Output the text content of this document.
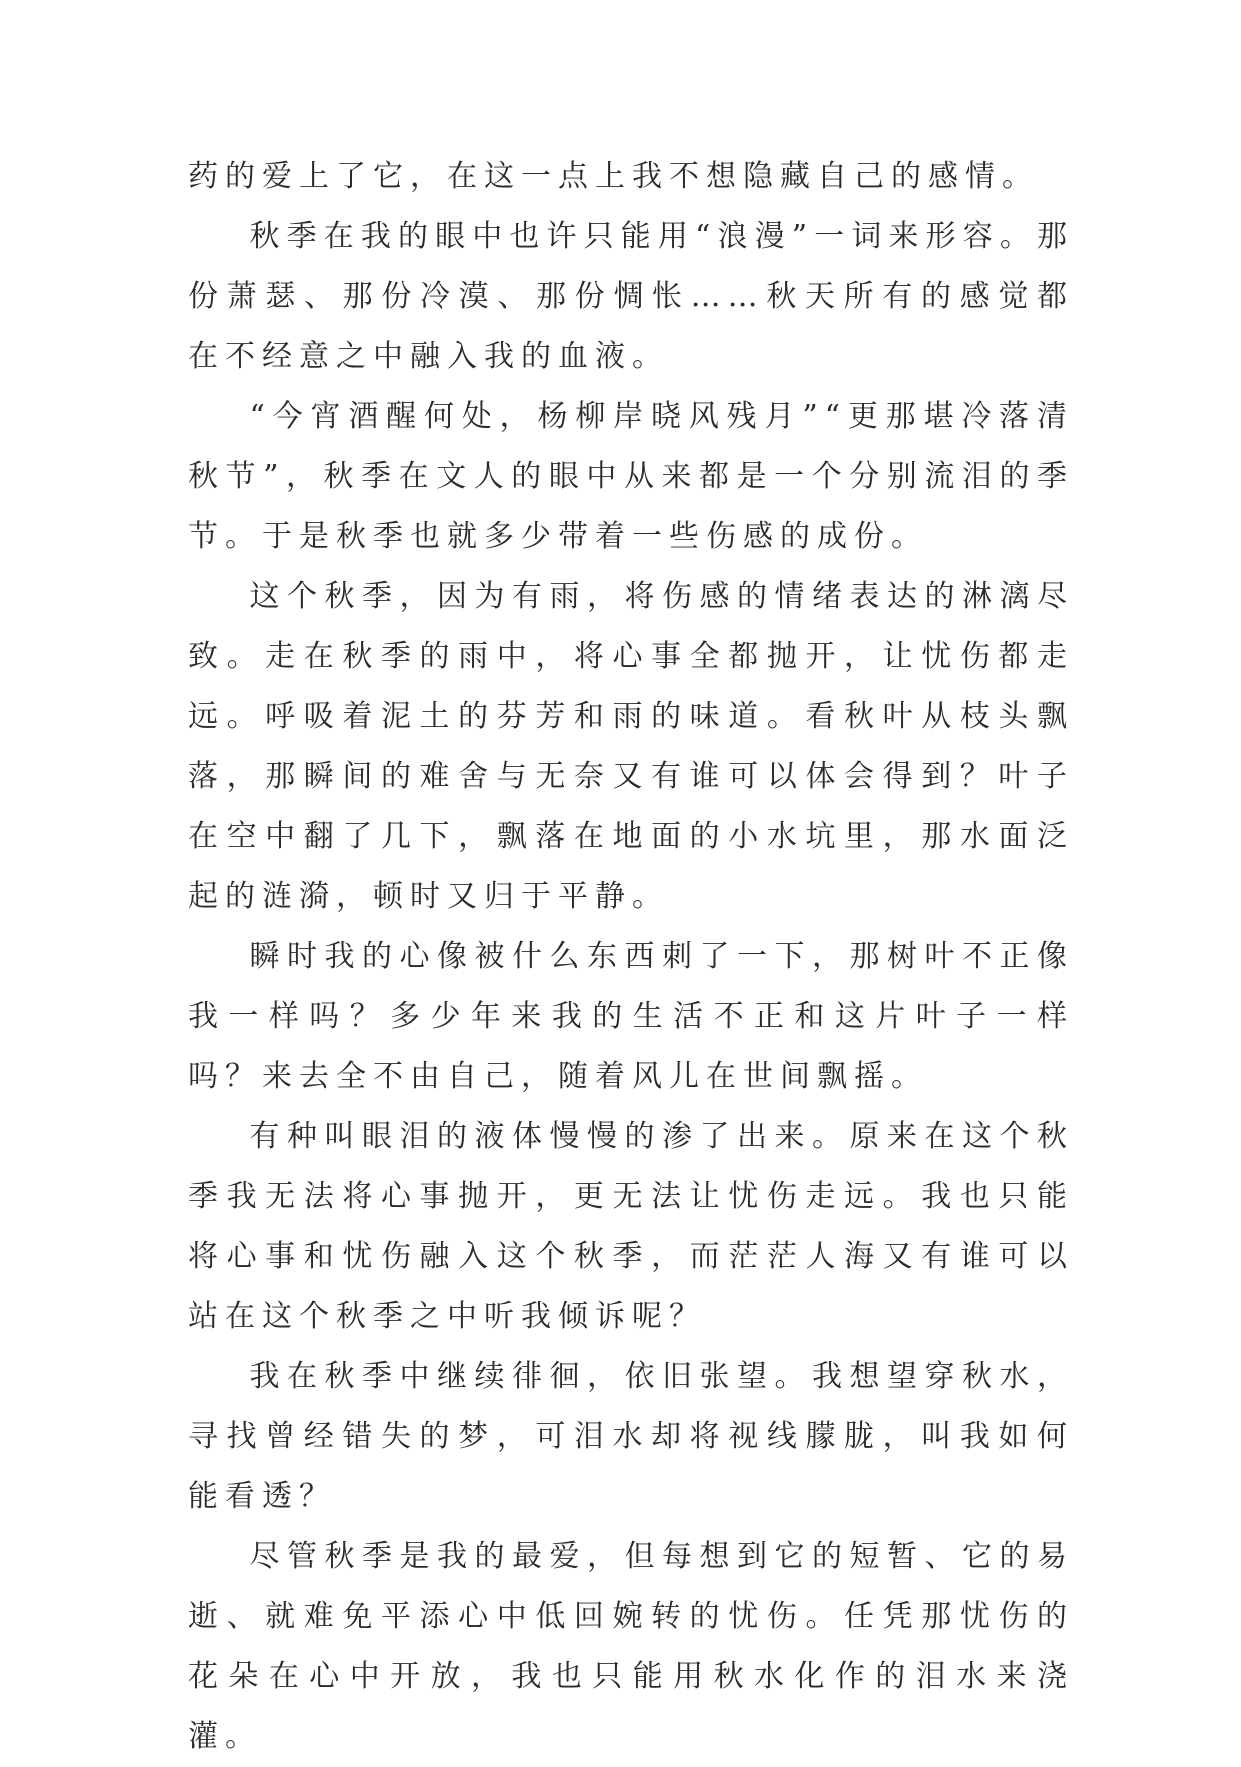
药的爱上了它，在这一点上我不想隐藏自己的感情。

秋季在我的眼中也许只能用“浪漫”一词来形容。那份萧瑟、那份冷漠、那份惆怅……秋天所有的感觉都在不经意之中融入我的血液。

“今宵酒醒何处，杨柳岸晓风残月”“更那堪冷落清秋节”，秋季在文人的眼中从来都是一个分别流泪的季节。于是秋季也就多少带着一些伤感的成份。

这个秋季，因为有雨，将伤感的情绪表达的淋漓尽致。走在秋季的雨中，将心事全都抛开，让忧伤都走远。呼吸着泥土的芬芳和雨的味道。看秋叶从枝头飘落，那瞬间的难舍与无奈又有谁可以体会得到？叶子在空中翻了几下，飘落在地面的小水坑里，那水面泛起的涟漪，顿时又归于平静。

瞬时我的心像被什么东西刺了一下，那树叶不正像我一样吗？多少年来我的生活不正和这片叶子一样吗？来去全不由自己，随着风儿在世间飘摇。

有种叫眼泪的液体慢慢的渗了出来。原来在这个秋季我无法将心事抛开，更无法让忧伤走远。我也只能将心事和忧伤融入这个秋季，而茫茫人海又有谁可以站在这个秋季之中听我倾诉呢？

我在秋季中继续徘徊，依旧张望。我想望穿秋水，寻找曾经错失的梦，可泪水却将视线朦胧，叫我如何能看透？

尽管秋季是我的最爱，但每想到它的短暂、它的易逝、就难免平添心中低回婉转的忧伤。任凭那忧伤的花朵在心中开放，我也只能用秋水化作的泪水来浇灌。
